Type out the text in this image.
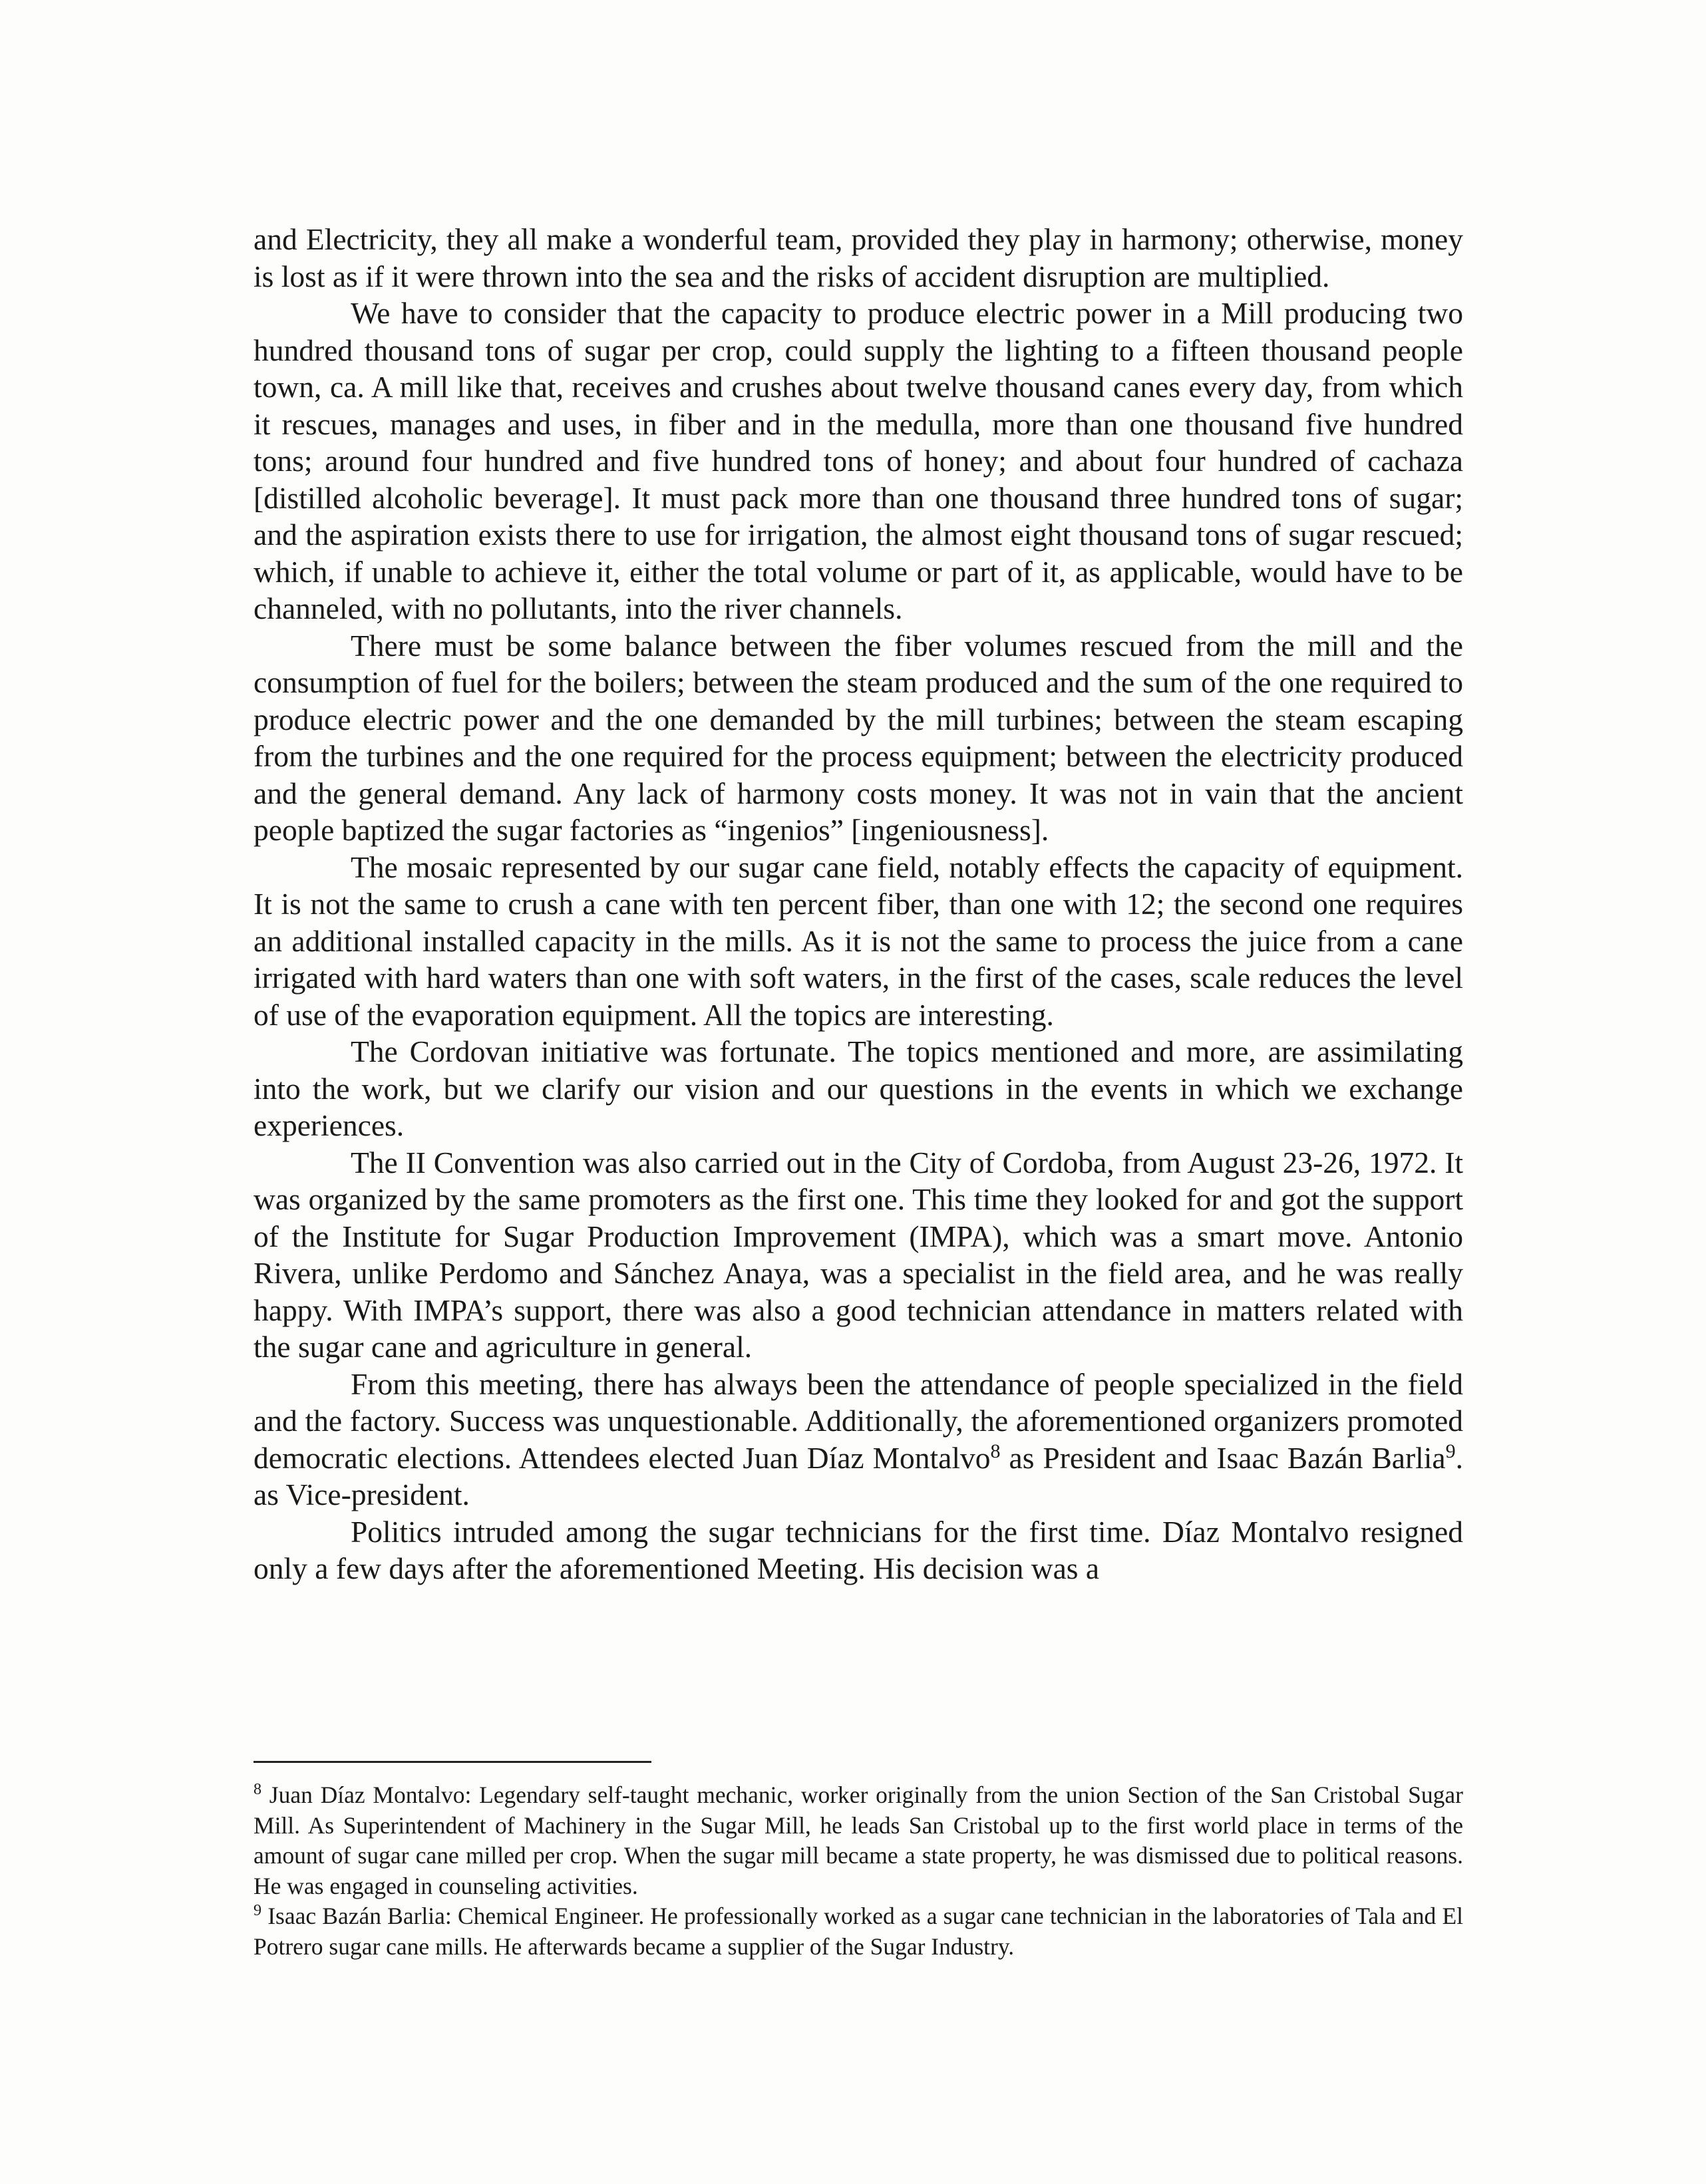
and Electricity, they all make a wonderful team, provided they play in harmony; otherwise, money is lost as if it were thrown into the sea and the risks of accident disruption are multiplied.

We have to consider that the capacity to produce electric power in a Mill producing two hundred thousand tons of sugar per crop, could supply the lighting to a fifteen thousand people town, ca. A mill like that, receives and crushes about twelve thousand canes every day, from which it rescues, manages and uses, in fiber and in the medulla, more than one thousand five hundred tons; around four hundred and five hundred tons of honey; and about four hundred of cachaza [distilled alcoholic beverage]. It must pack more than one thousand three hundred tons of sugar; and the aspiration exists there to use for irrigation, the almost eight thousand tons of sugar rescued; which, if unable to achieve it, either the total volume or part of it, as applicable, would have to be channeled, with no pollutants, into the river channels.

There must be some balance between the fiber volumes rescued from the mill and the consumption of fuel for the boilers; between the steam produced and the sum of the one required to produce electric power and the one demanded by the mill turbines; between the steam escaping from the turbines and the one required for the process equipment; between the electricity produced and the general demand. Any lack of harmony costs money. It was not in vain that the ancient people baptized the sugar factories as “ingenios” [ingeniousness].

The mosaic represented by our sugar cane field, notably effects the capacity of equipment. It is not the same to crush a cane with ten percent fiber, than one with 12; the second one requires an additional installed capacity in the mills. As it is not the same to process the juice from a cane irrigated with hard waters than one with soft waters, in the first of the cases, scale reduces the level of use of the evaporation equipment. All the topics are interesting.

The Cordovan initiative was fortunate. The topics mentioned and more, are assimilating into the work, but we clarify our vision and our questions in the events in which we exchange experiences.

The II Convention was also carried out in the City of Cordoba, from August 23-26, 1972. It was organized by the same promoters as the first one. This time they looked for and got the support of the Institute for Sugar Production Improvement (IMPA), which was a smart move. Antonio Rivera, unlike Perdomo and Sánchez Anaya, was a specialist in the field area, and he was really happy. With IMPA’s support, there was also a good technician attendance in matters related with the sugar cane and agriculture in general.

From this meeting, there has always been the attendance of people specialized in the field and the factory. Success was unquestionable. Additionally, the aforementioned organizers promoted democratic elections. Attendees elected Juan Díaz Montalvo$^8$ as President and Isaac Bazán Barlia$^9$. as Vice-president.

Politics intruded among the sugar technicians for the first time. Díaz Montalvo resigned only a few days after the aforementioned Meeting. His decision was a

$^8$ Juan Díaz Montalvo: Legendary self-taught mechanic, worker originally from the union Section of the San Cristobal Sugar Mill. As Superintendent of Machinery in the Sugar Mill, he leads San Cristobal up to the first world place in terms of the amount of sugar cane milled per crop. When the sugar mill became a state property, he was dismissed due to political reasons. He was engaged in counseling activities.

$^9$ Isaac Bazán Barlia: Chemical Engineer. He professionally worked as a sugar cane technician in the laboratories of Tala and El Potrero sugar cane mills. He afterwards became a supplier of the Sugar Industry.
